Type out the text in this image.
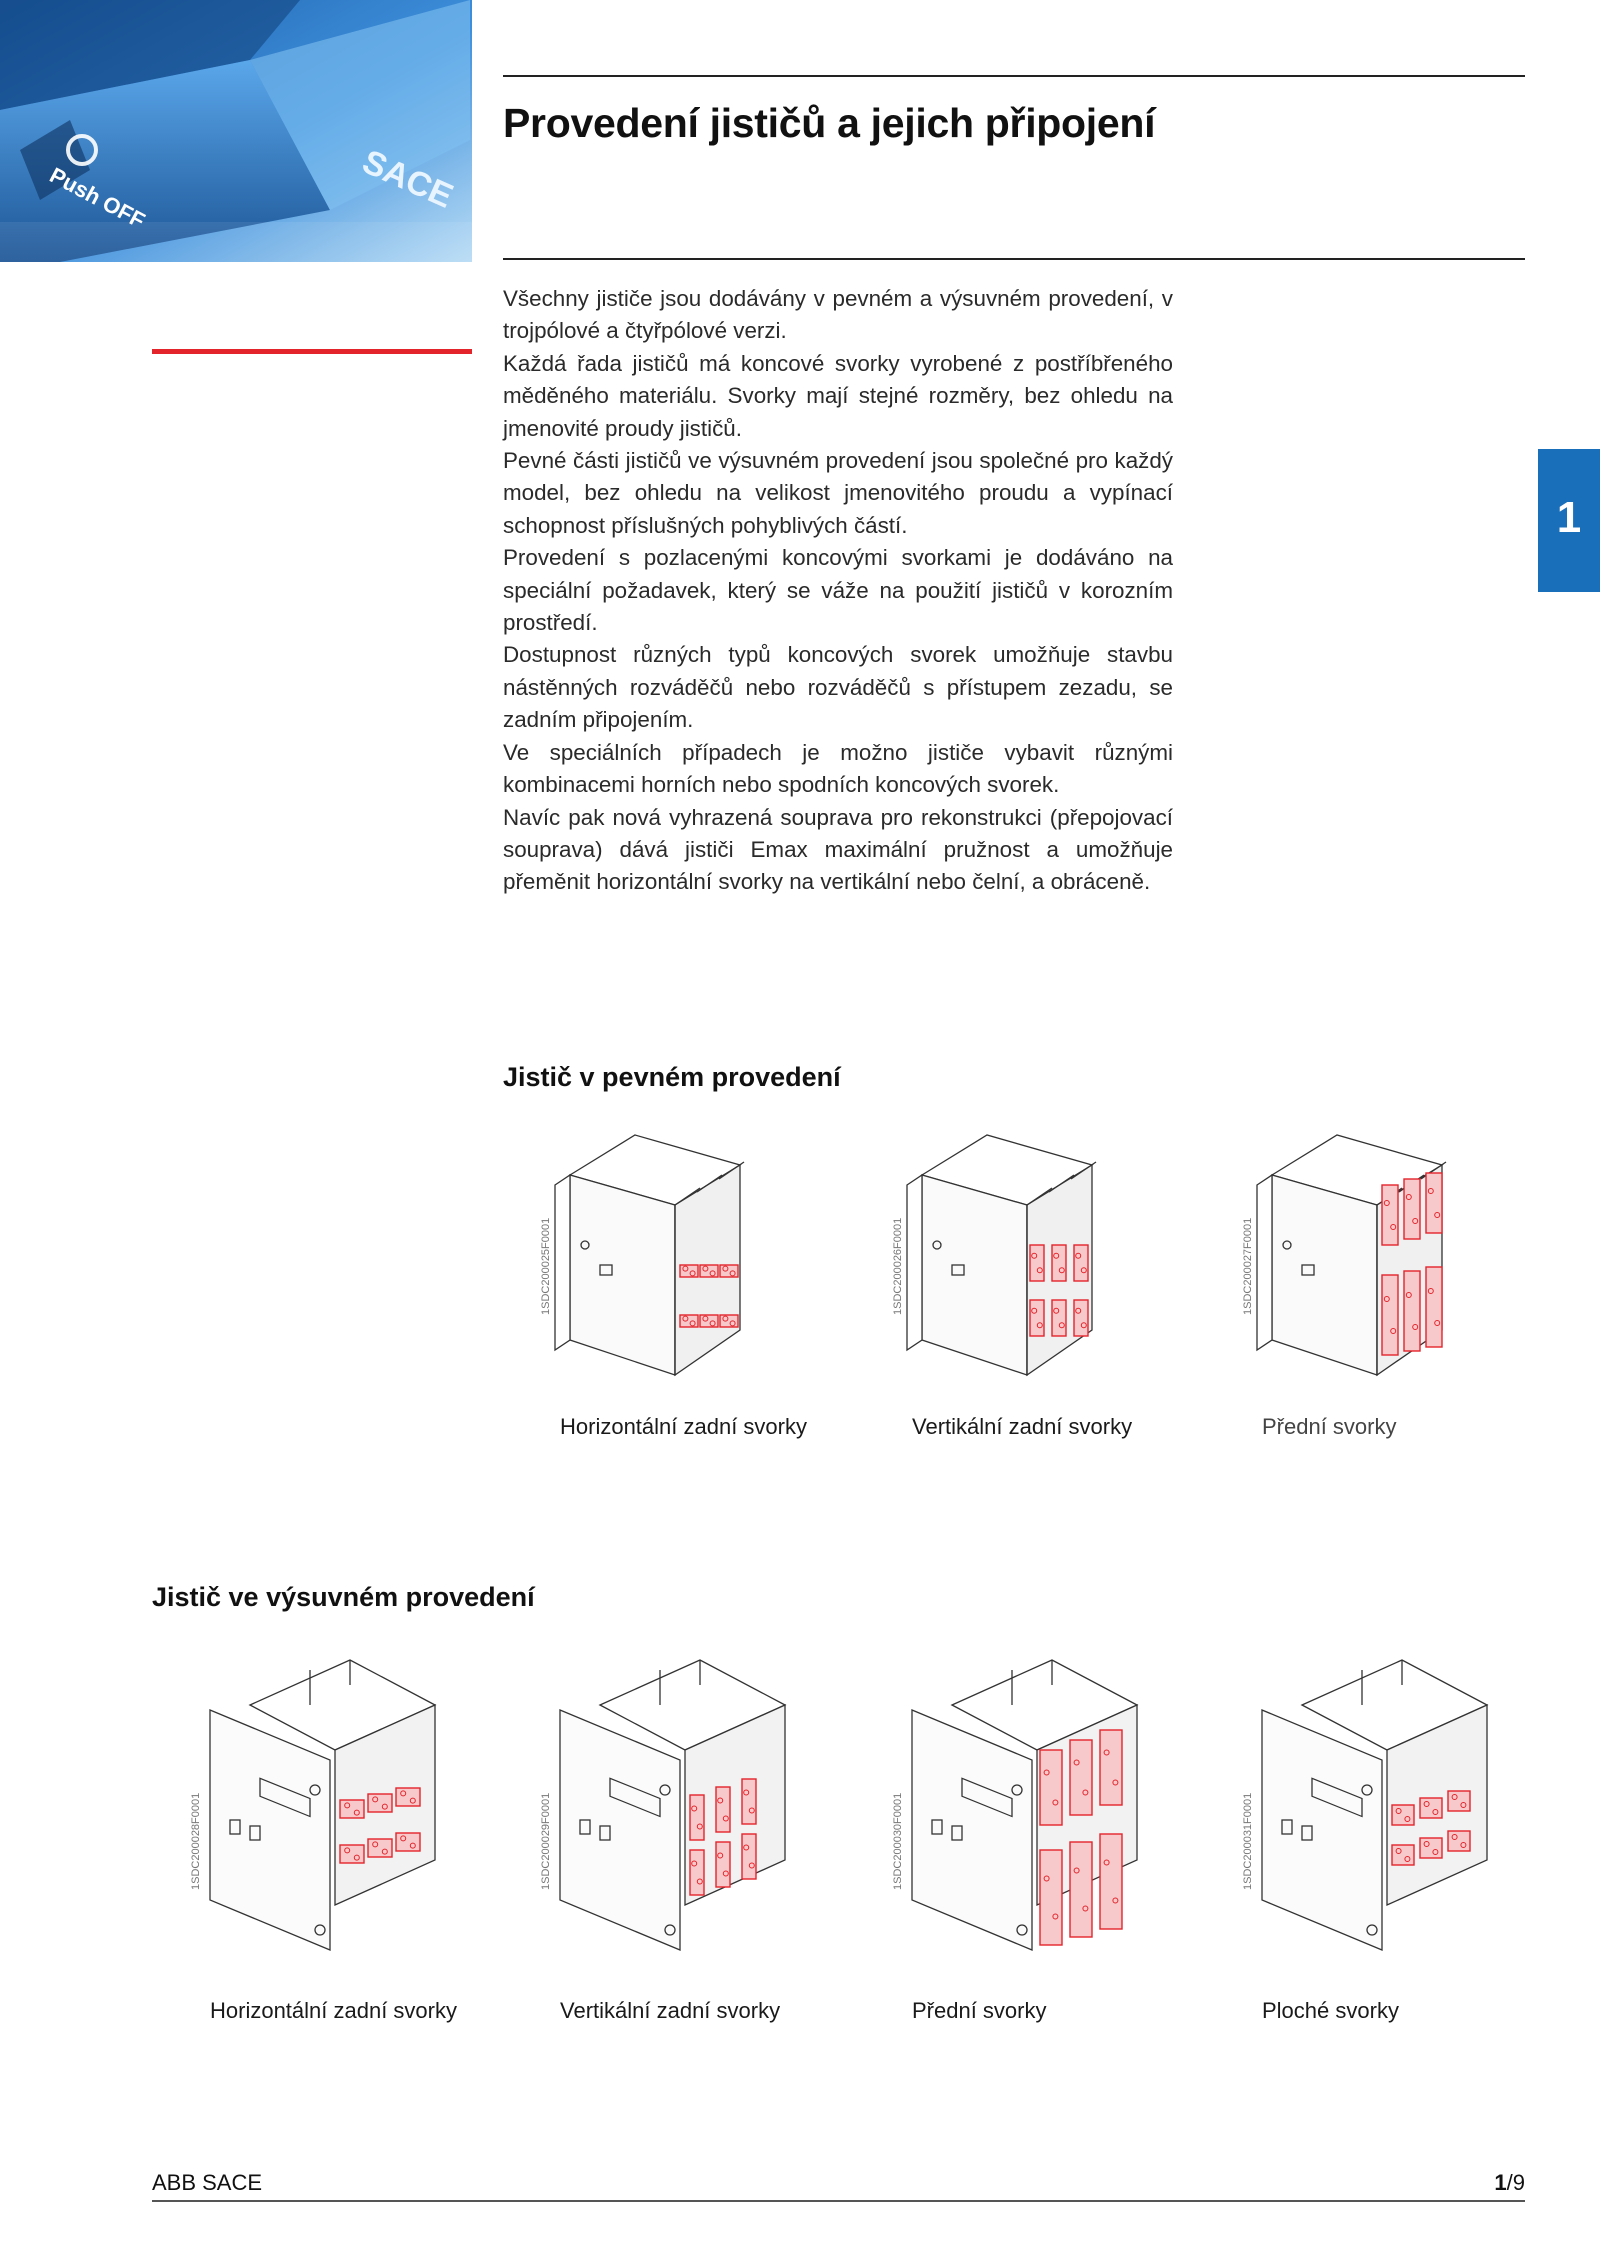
Push OFF	SACE
Provedení jističů a jejich připojení
1

Všechny jističe jsou dodávány v pevném a výsuvném provedení, v trojpólové a čtyřpólové verzi.

Každá řada jističů má koncové svorky vyrobené z postříbřeného měděného materiálu. Svorky mají stejné rozměry, bez ohledu na jmenovité proudy jističů.

Pevné části jističů ve výsuvném provedení jsou společné pro každý model, bez ohledu na velikost jmenovitého proudu a vypínací schopnost příslušných pohyblivých částí.

Provedení s pozlacenými koncovými svorkami je dodáváno na speciální požadavek, který se váže na použití jističů v korozním prostředí.

Dostupnost různých typů koncových svorek umožňuje stavbu nástěnných rozváděčů nebo rozváděčů s přístupem zezadu, se zadním připojením.

Ve speciálních případech je možno jističe vybavit různými kombinacemi horních nebo spodních koncových svorek.

Navíc pak nová vyhrazená souprava pro rekonstrukci (přepojovací souprava) dává jističi Emax maximální pružnost a umožňuje přeměnit horizontální svorky na vertikální nebo čelní, a obráceně.

Jistič v pevném provedení
1SDC200025F0001
Horizontální zadní svorky
1SDC200026F0001
Vertikální zadní svorky
1SDC200027F0001
Přední svorky
Jistič ve výsuvném provedení
1SDC200028F0001
Horizontální zadní svorky
1SDC200029F0001
Vertikální zadní svorky
1SDC200030F0001
Přední svorky
1SDC200031F0001
Ploché svorky
ABB SACE	1/9
